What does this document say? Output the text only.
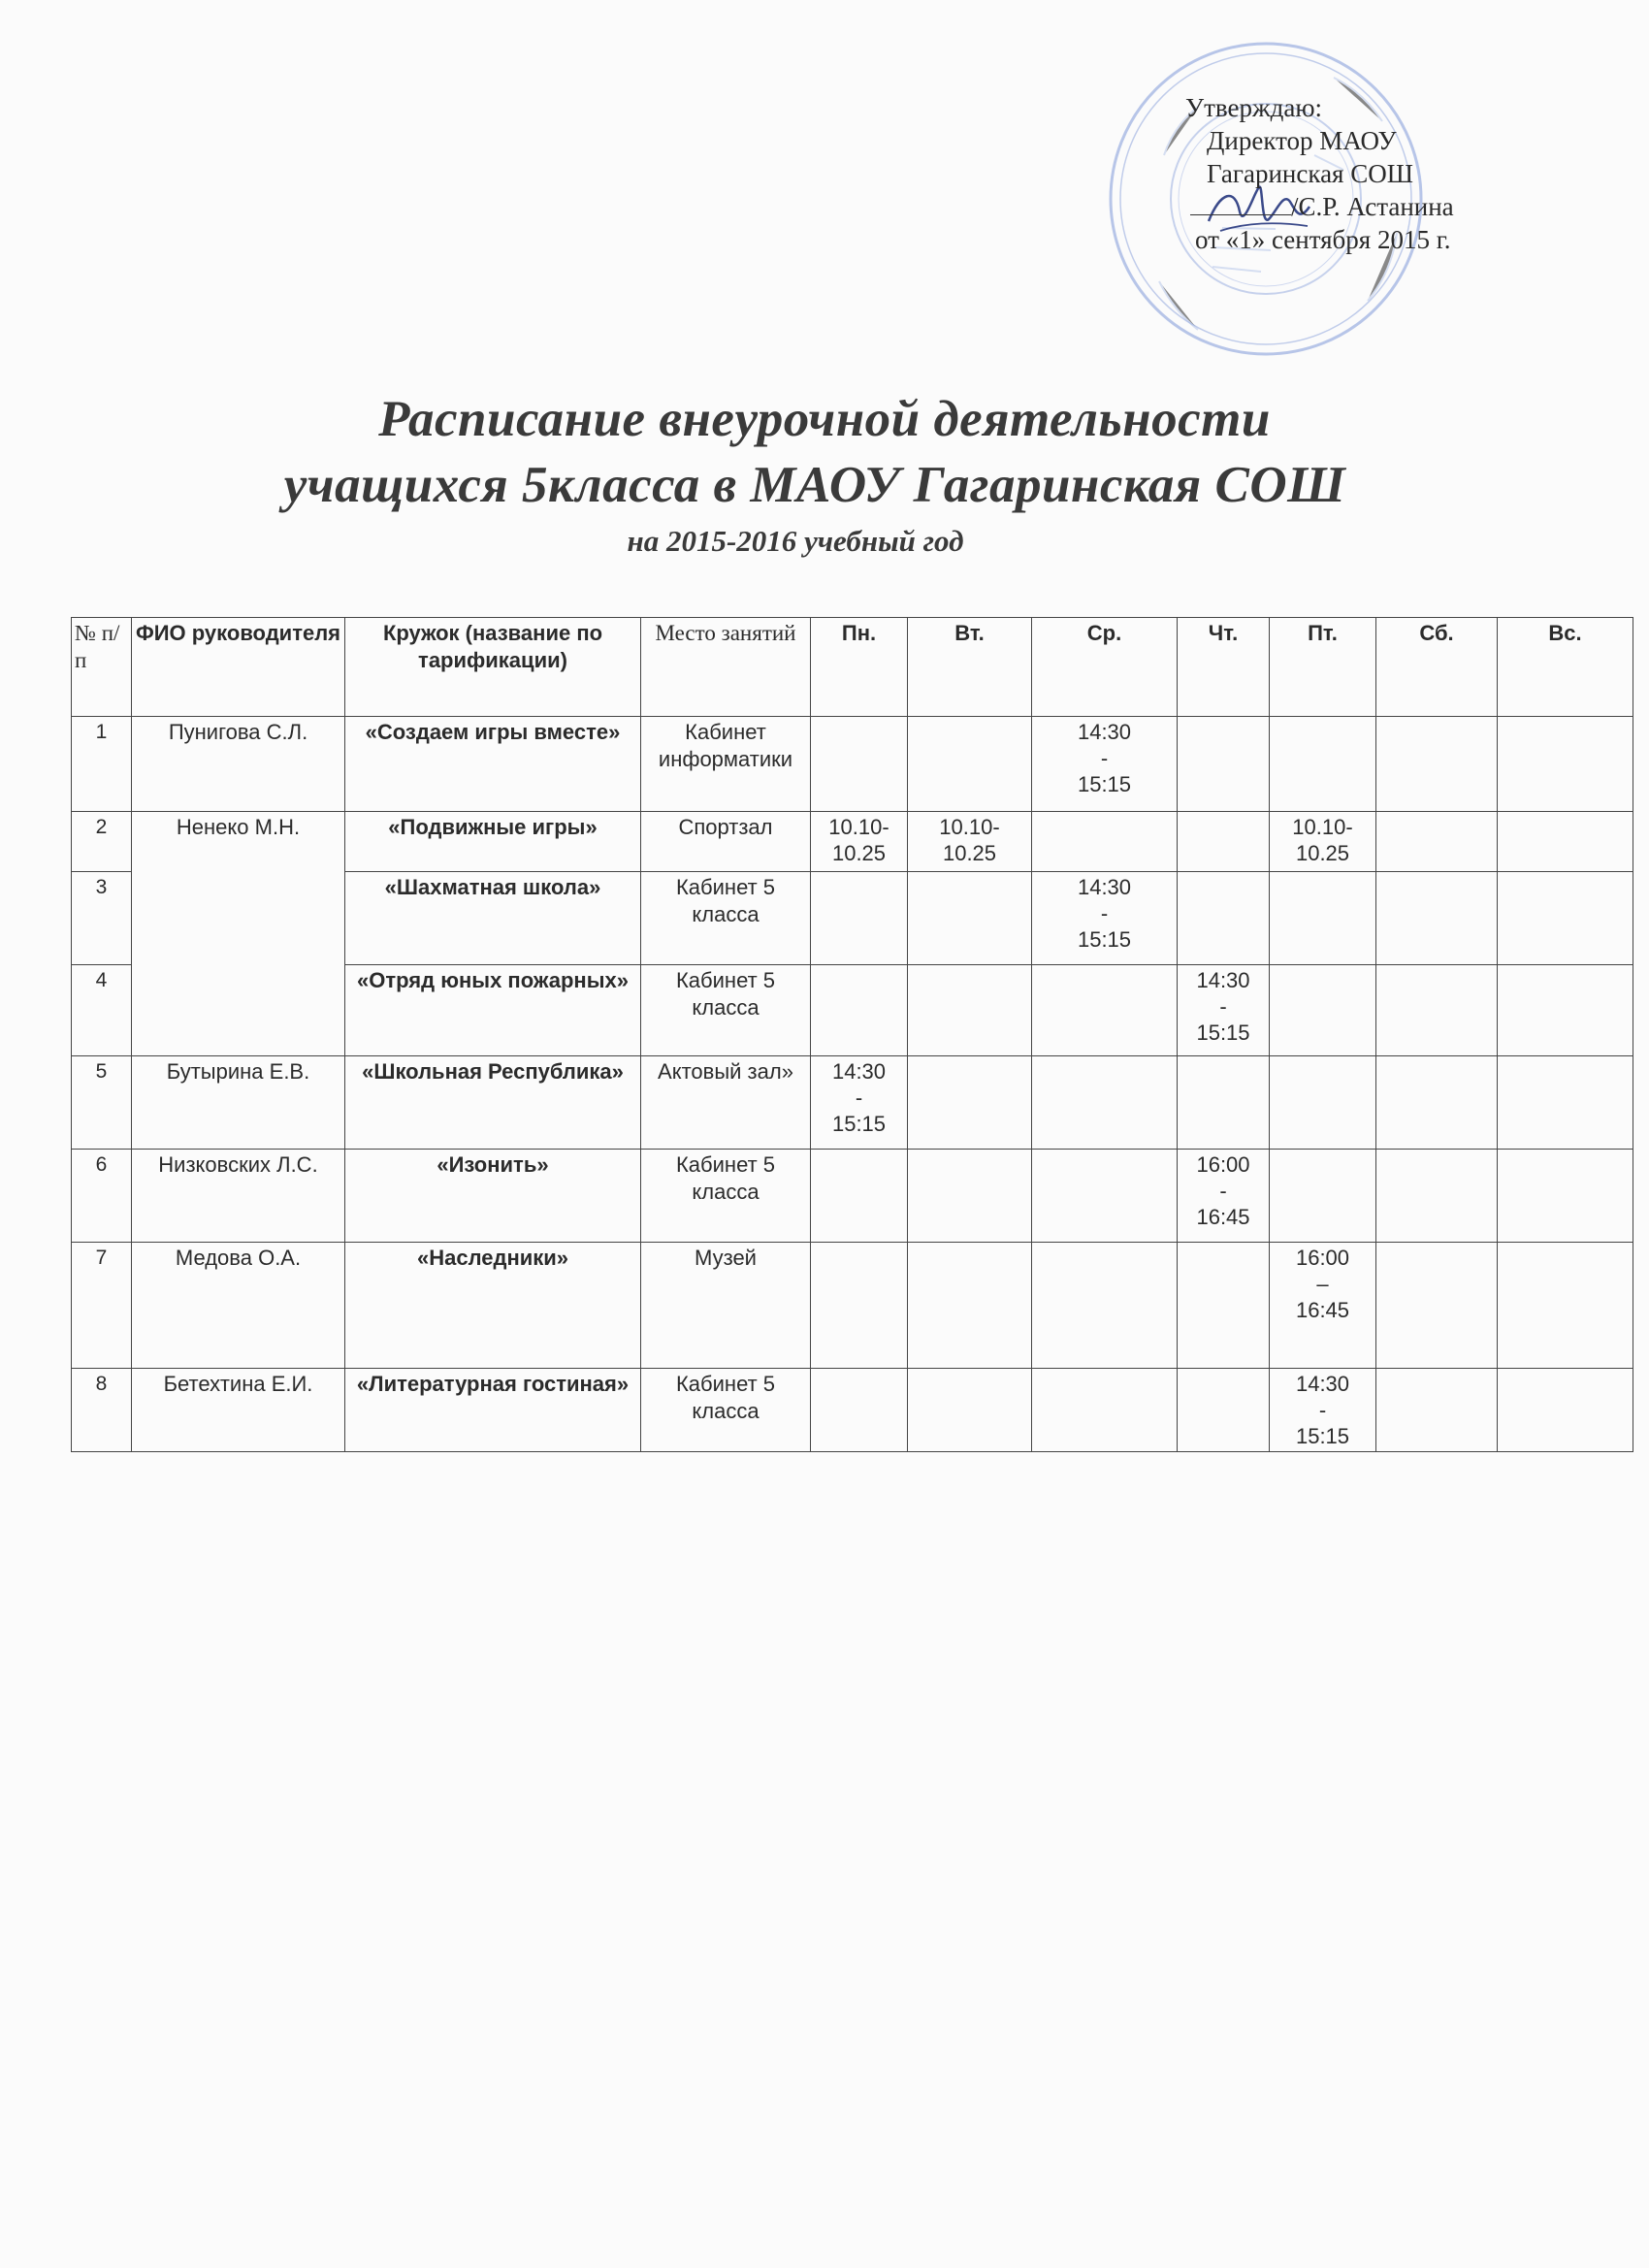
Утверждаю:
Директор МАОУ
Гагаринская СОШ
/С.Р. Астанина
от «1» сентября 2015 г.
Расписание внеурочной деятельности
учащихся 5класса в МАОУ Гагаринская СОШ
на 2015-2016 учебный год
№ п/п	ФИО руководителя	Кружок (название по тарификации)	Место занятий	Пн.	Вт.	Ср.	Чт.	Пт.	Сб.	Вс.
1	Пунигова С.Л.	«Создаем игры вместе»	Кабинет информатики			14:30
-
15:15				

2	Ненеко М.Н.	«Подвижные игры»	Спортзал	10.10-
10.25	10.10-
10.25			10.10-
10.25		

3		«Шахматная школа»	Кабинет 5 класса			14:30
-
15:15				

4		«Отряд юных пожарных»	Кабинет 5 класса				14:30
-
15:15			

5	Бутырина Е.В.	«Школьная Республика»	Актовый зал»	14:30
-
15:15						

6	Низковских Л.С.	«Изонить»	Кабинет 5 класса				16:00
-
16:45			

7	Медова О.А.	«Наследники»	Музей					16:00
–
16:45		

8	Бетехтина Е.И.	«Литературная гостиная»	Кабинет 5 класса					14:30
-
15:15		
